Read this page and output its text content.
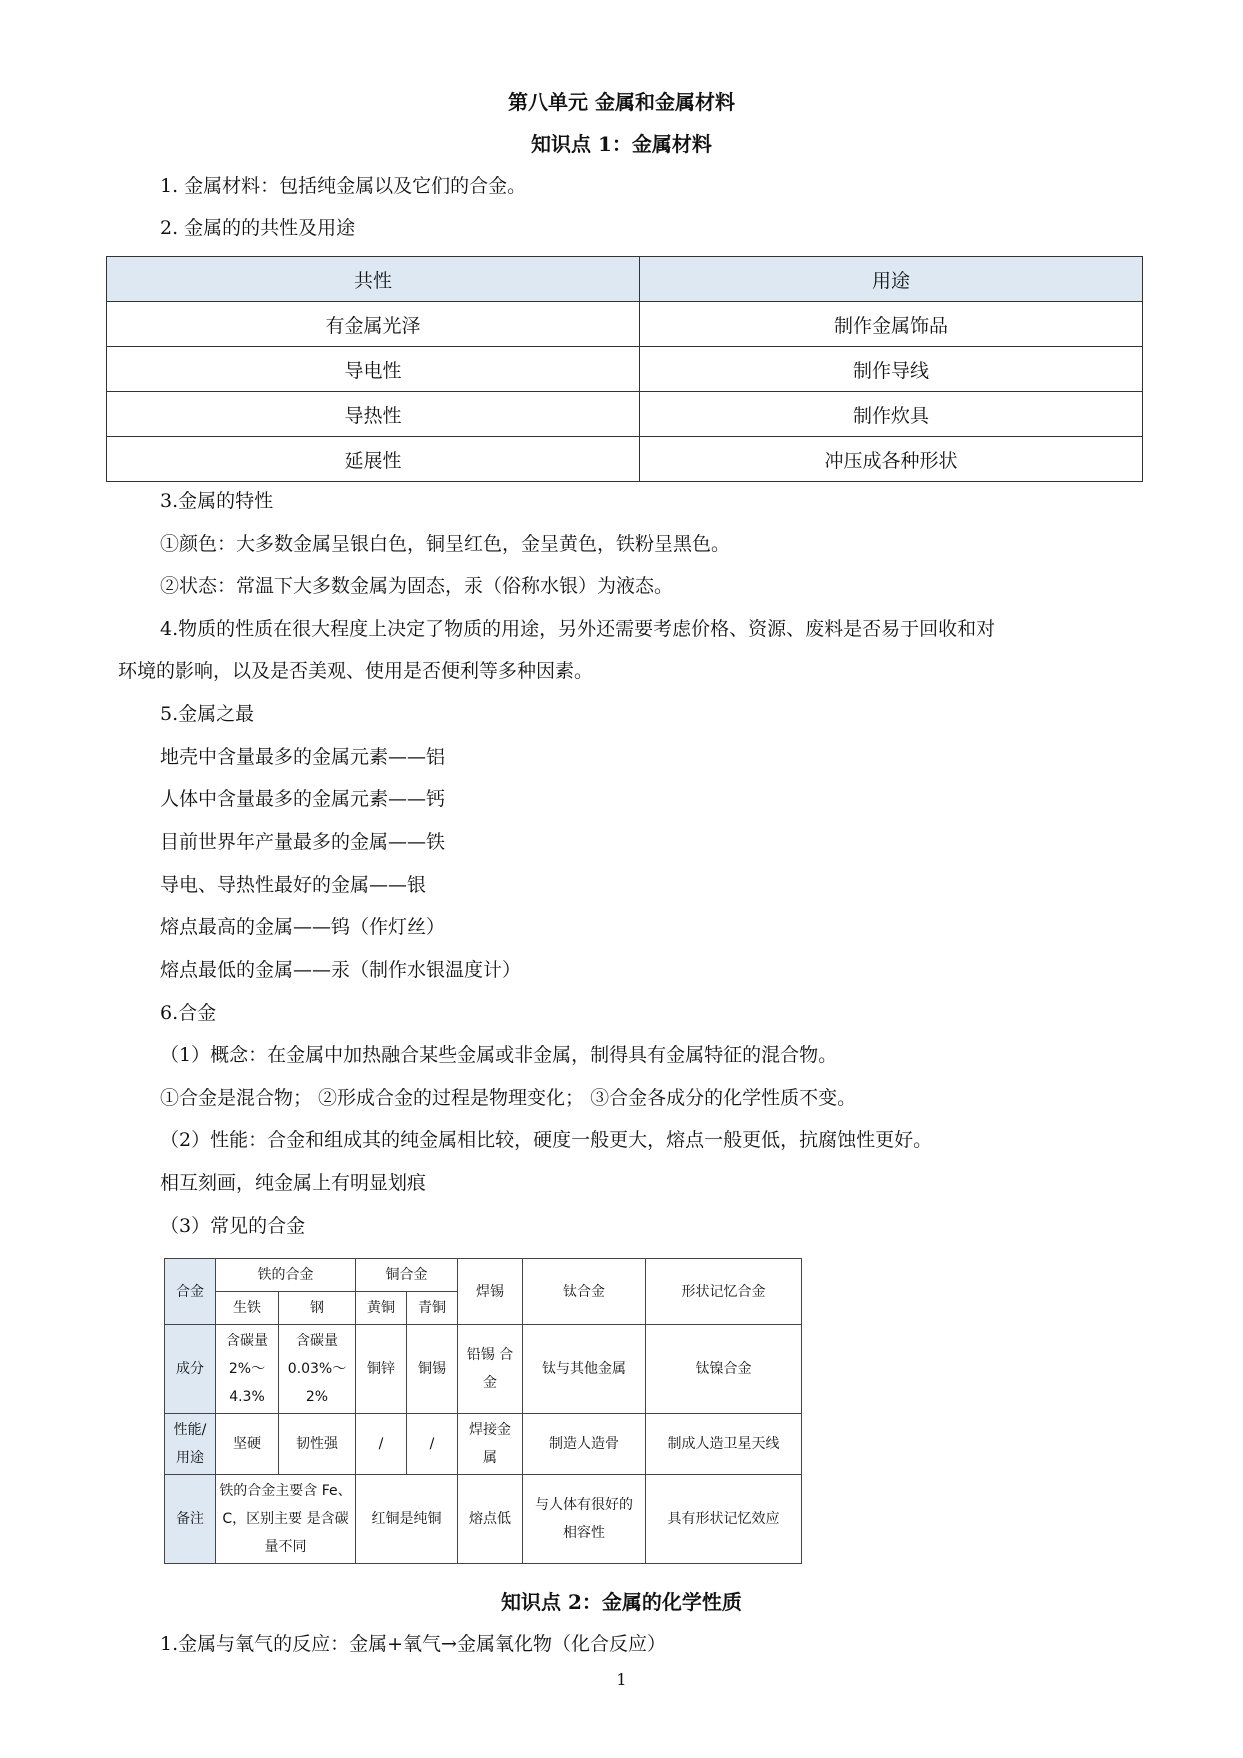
第八单元 金属和金属材料
知识点 1：金属材料
1. 金属材料：包括纯金属以及它们的合金。
2. 金属的的共性及用途
共性	用途
有金属光泽	制作金属饰品
导电性	制作导线
导热性	制作炊具
延展性	冲压成各种形状
3.金属的特性
①颜色：大多数金属呈银白色，铜呈红色，金呈黄色，铁粉呈黑色。
②状态：常温下大多数金属为固态，汞（俗称水银）为液态。
4.物质的性质在很大程度上决定了物质的用途，另外还需要考虑价格、资源、废料是否易于回收和对
环境的影响，以及是否美观、使用是否便利等多种因素。
5.金属之最
地壳中含量最多的金属元素——铝
人体中含量最多的金属元素——钙
目前世界年产量最多的金属——铁
导电、导热性最好的金属——银
熔点最高的金属——钨（作灯丝）
熔点最低的金属——汞（制作水银温度计）
6.合金
（1）概念：在金属中加热融合某些金属或非金属，制得具有金属特征的混合物。
①合金是混合物； ②形成合金的过程是物理变化； ③合金各成分的化学性质不变。
（2）性能：合金和组成其的纯金属相比较，硬度一般更大，熔点一般更低，抗腐蚀性更好。
相互刻画，纯金属上有明显划痕
（3）常见的合金
合金	铁的合金		铜合金		焊锡	钛合金	形状记忆合金
	生铁	钢	黄铜	青铜			
成分	含碳量 2%～ 4.3%	含碳量 0.03%～ 2%	铜锌	铜锡	铅锡 合金	钛与其他金属	钛镍合金
性能/ 用途	坚硬	韧性强	/	/	焊接金 属	制造人造骨	制成人造卫星天线
备注	铁的合金主要含 Fe、C，区别主要 是含碳量不同		红铜是纯铜		熔点低	与人体有很好的 相容性	具有形状记忆效应
知识点 2：金属的化学性质
1.金属与氧气的反应：金属+氧气→金属氧化物（化合反应）
1
